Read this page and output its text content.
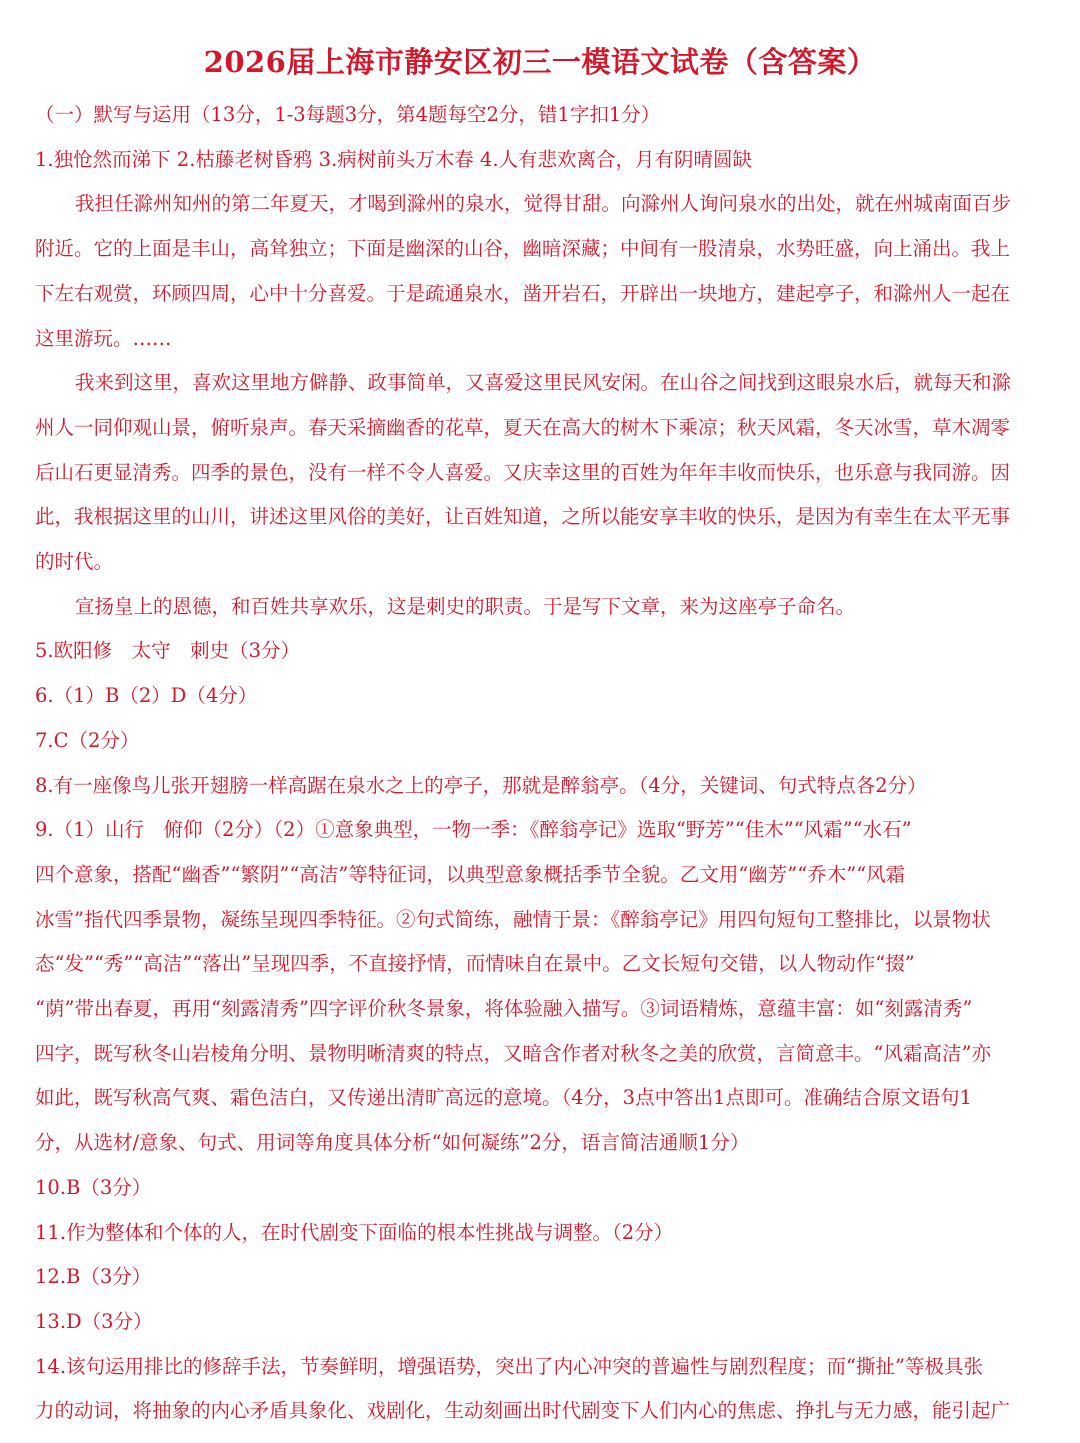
2026届上海市静安区初三一模语文试卷（含答案）
（一）默写与运用（13分，1-3每题3分，第4题每空2分，错1字扣1分）
1.独怆然而涕下 2.枯藤老树昏鸦 3.病树前头万木春 4.人有悲欢离合，月有阴晴圆缺
我担任滁州知州的第二年夏天，才喝到滁州的泉水，觉得甘甜。向滁州人询问泉水的出处，就在州城南面百步
附近。它的上面是丰山，高耸独立；下面是幽深的山谷，幽暗深藏；中间有一股清泉，水势旺盛，向上涌出。我上
下左右观赏，环顾四周，心中十分喜爱。于是疏通泉水，凿开岩石，开辟出一块地方，建起亭子，和滁州人一起在
这里游玩。……
我来到这里，喜欢这里地方僻静、政事简单，又喜爱这里民风安闲。在山谷之间找到这眼泉水后，就每天和滁
州人一同仰观山景，俯听泉声。春天采摘幽香的花草，夏天在高大的树木下乘凉；秋天风霜，冬天冰雪，草木凋零
后山石更显清秀。四季的景色，没有一样不令人喜爱。又庆幸这里的百姓为年年丰收而快乐，也乐意与我同游。因
此，我根据这里的山川，讲述这里风俗的美好，让百姓知道，之所以能安享丰收的快乐，是因为有幸生在太平无事
的时代。
宣扬皇上的恩德，和百姓共享欢乐，这是刺史的职责。于是写下文章，来为这座亭子命名。
5.欧阳修　太守　刺史（3分）
6.（1）B（2）D（4分）
7.C（2分）
8.有一座像鸟儿张开翅膀一样高踞在泉水之上的亭子，那就是醉翁亭。（4分，关键词、句式特点各2分）
9.（1）山行　俯仰（2分）（2）①意象典型，一物一季：《醉翁亭记》选取“野芳”“佳木”“风霜”“水石”
四个意象，搭配“幽香”“繁阴”“高洁”等特征词，以典型意象概括季节全貌。乙文用“幽芳”“乔木”“风霜
冰雪”指代四季景物，凝练呈现四季特征。②句式简练，融情于景：《醉翁亭记》用四句短句工整排比，以景物状
态“发”“秀”“高洁”“落出”呈现四季，不直接抒情，而情味自在景中。乙文长短句交错，以人物动作“掇”
“荫”带出春夏，再用“刻露清秀”四字评价秋冬景象，将体验融入描写。③词语精炼，意蕴丰富：如“刻露清秀”
四字，既写秋冬山岩棱角分明、景物明晰清爽的特点，又暗含作者对秋冬之美的欣赏，言简意丰。“风霜高洁”亦
如此，既写秋高气爽、霜色洁白，又传递出清旷高远的意境。（4分，3点中答出1点即可。准确结合原文语句1
分，从选材/意象、句式、用词等角度具体分析“如何凝练”2分，语言简洁通顺1分）
10.B（3分）
11.作为整体和个体的人，在时代剧变下面临的根本性挑战与调整。（2分）
12.B（3分）
13.D（3分）
14.该句运用排比的修辞手法，节奏鲜明，增强语势，突出了内心冲突的普遍性与剧烈程度；而“撕扯”等极具张
力的动词，将抽象的内心矛盾具象化、戏剧化，生动刻画出时代剧变下人们内心的焦虑、挣扎与无力感，能引起广
